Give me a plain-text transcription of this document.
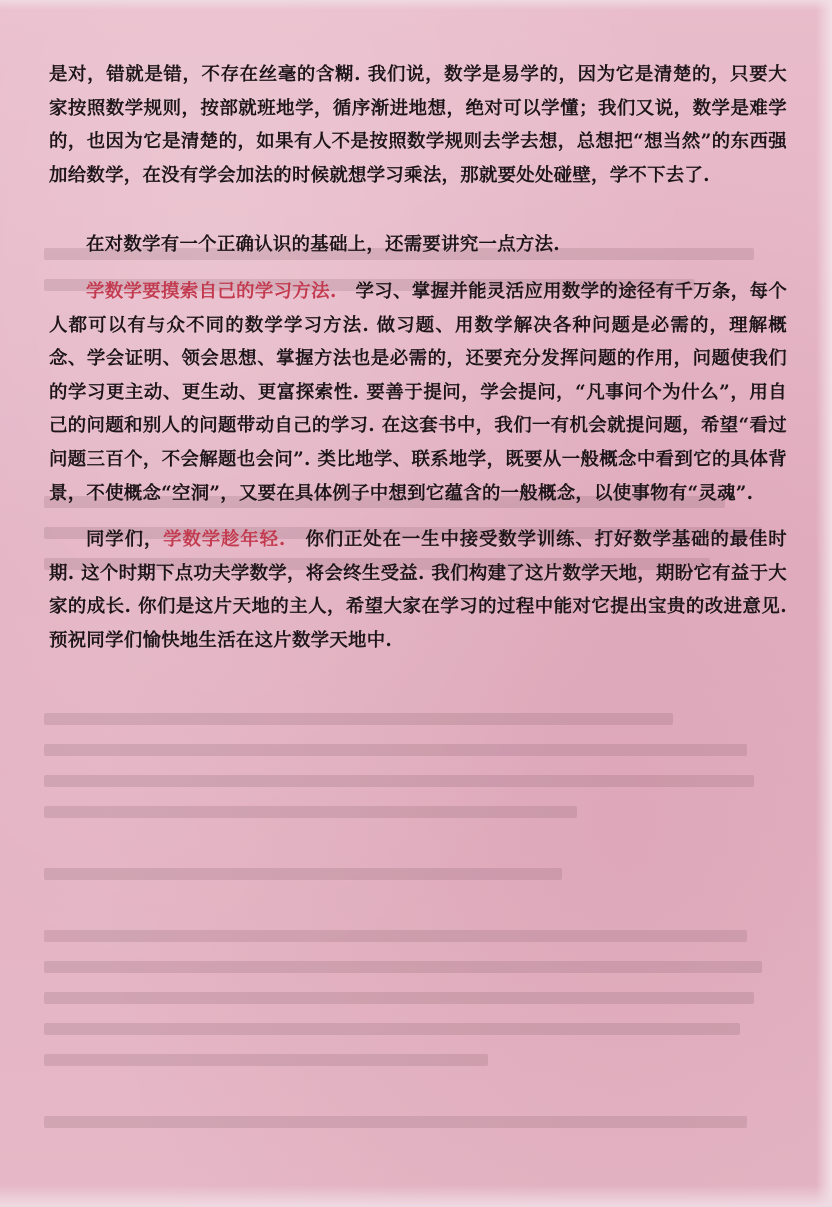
是对，错就是错，不存在丝毫的含糊. 我们说，数学是易学的，因为它是清楚的，只要大家按照数学规则，按部就班地学，循序渐进地想，绝对可以学懂；我们又说，数学是难学的，也因为它是清楚的，如果有人不是按照数学规则去学去想，总想把“想当然”的东西强加给数学，在没有学会加法的时候就想学习乘法，那就要处处碰壁，学不下去了.

在对数学有一个正确认识的基础上，还需要讲究一点方法.

学数学要摸索自己的学习方法.　学习、掌握并能灵活应用数学的途径有千万条，每个人都可以有与众不同的数学学习方法. 做习题、用数学解决各种问题是必需的，理解概念、学会证明、领会思想、掌握方法也是必需的，还要充分发挥问题的作用，问题使我们的学习更主动、更生动、更富探索性. 要善于提问，学会提问，“凡事问个为什么”，用自己的问题和别人的问题带动自己的学习. 在这套书中，我们一有机会就提问题，希望“看过问题三百个，不会解题也会问”. 类比地学、联系地学，既要从一般概念中看到它的具体背景，不使概念“空洞”，又要在具体例子中想到它蕴含的一般概念，以使事物有“灵魂”.

同学们，学数学趁年轻.　你们正处在一生中接受数学训练、打好数学基础的最佳时期. 这个时期下点功夫学数学，将会终生受益. 我们构建了这片数学天地，期盼它有益于大家的成长. 你们是这片天地的主人，希望大家在学习的过程中能对它提出宝贵的改进意见. 预祝同学们愉快地生活在这片数学天地中.
